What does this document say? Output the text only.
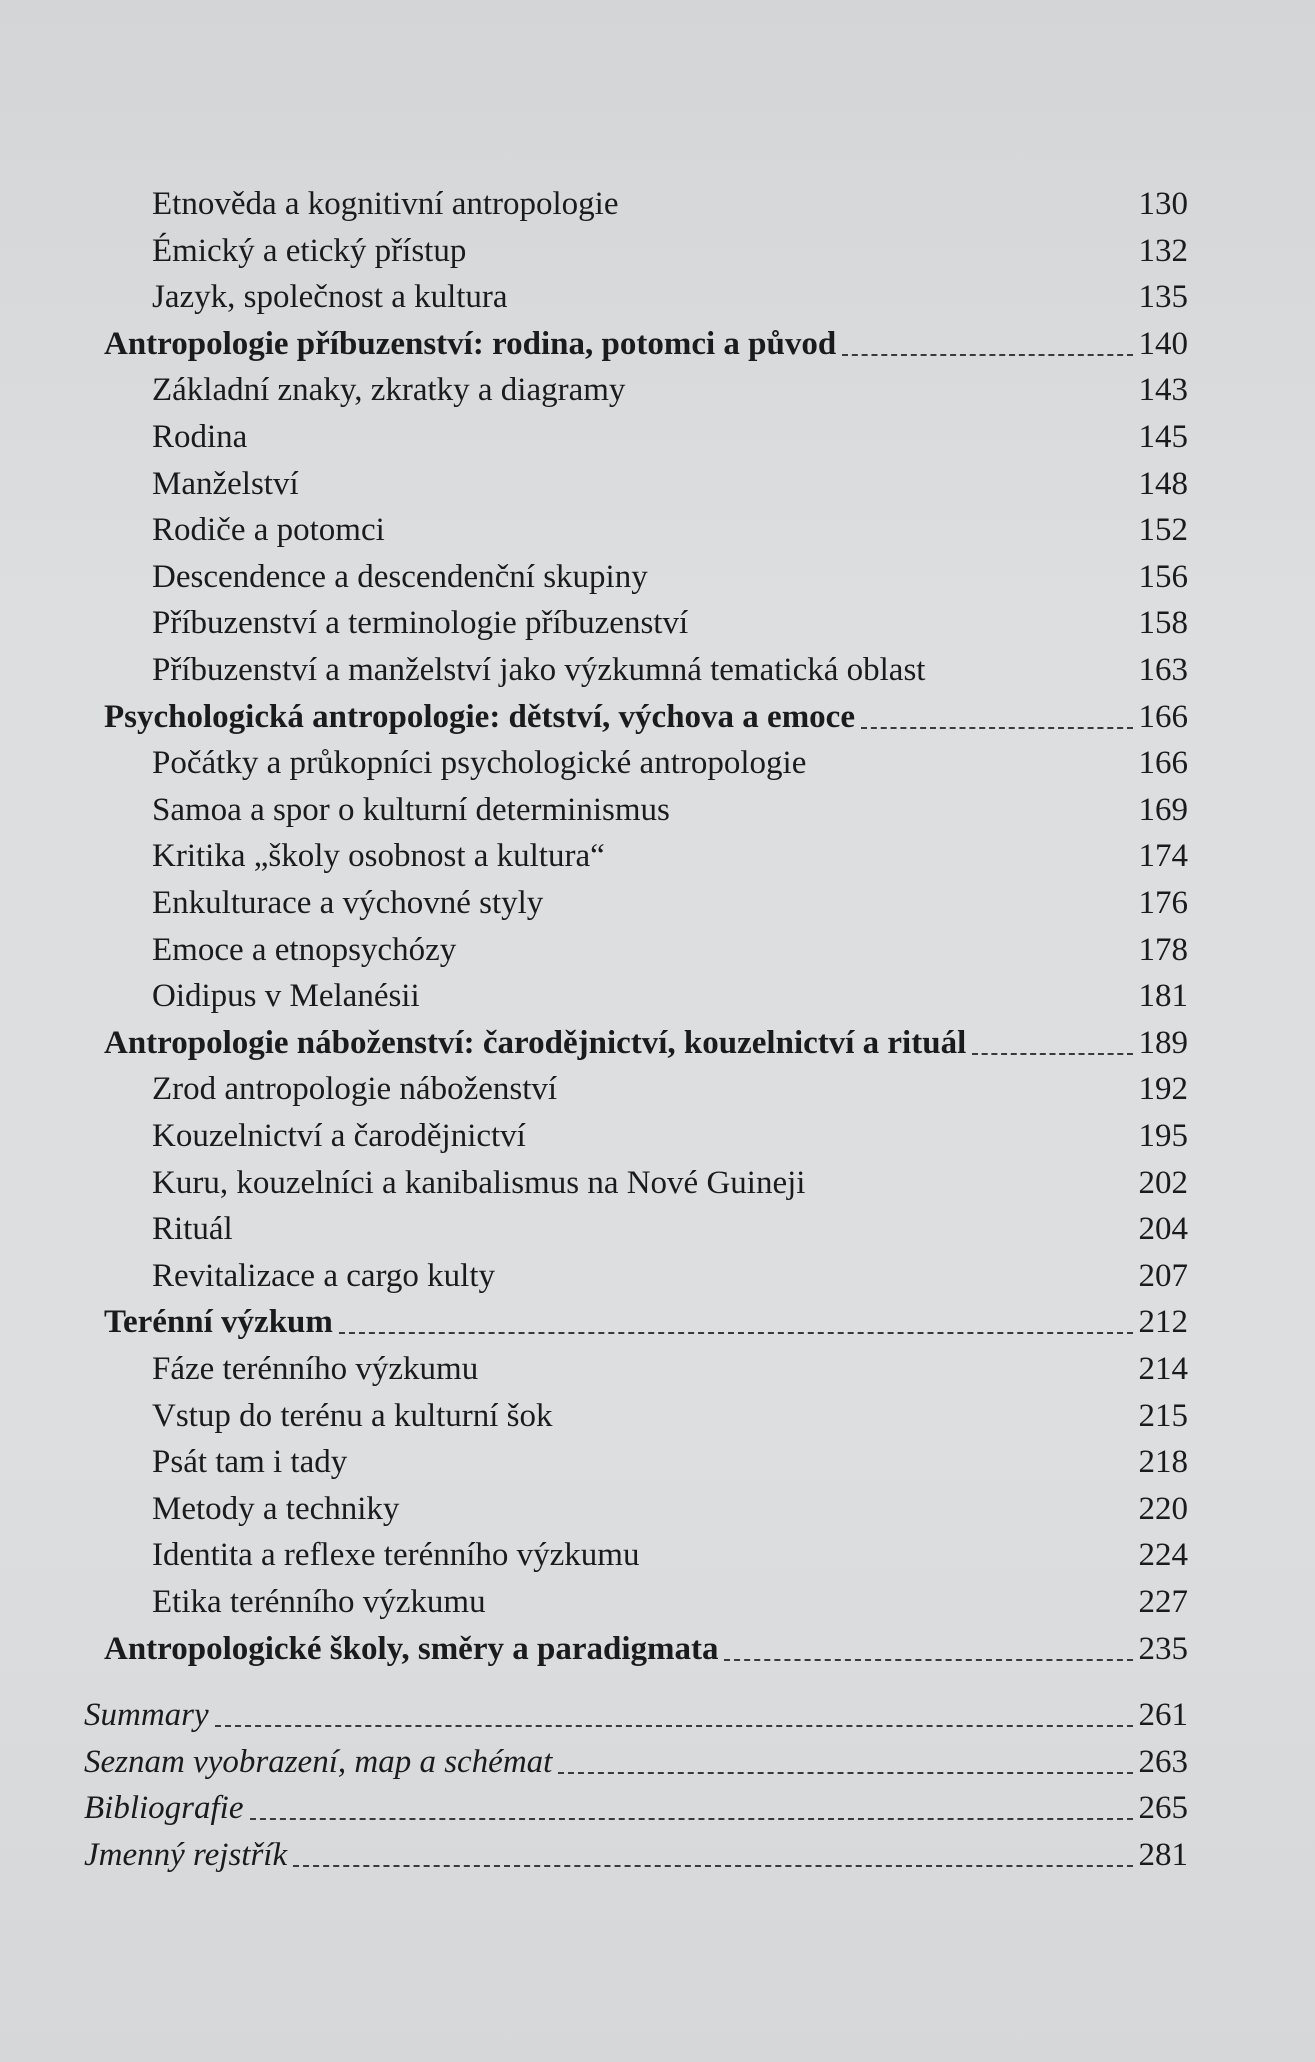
Etnověda a kognitivní antropologie	130
Émický a etický přístup	132
Jazyk, společnost a kultura	135
Antropologie příbuzenství: rodina, potomci a původ	140
Základní znaky, zkratky a diagramy	143
Rodina	145
Manželství	148
Rodiče a potomci	152
Descendence a descendenční skupiny	156
Příbuzenství a terminologie příbuzenství	158
Příbuzenství a manželství jako výzkumná tematická oblast	163
Psychologická antropologie: dětství, výchova a emoce	166
Počátky a průkopníci psychologické antropologie	166
Samoa a spor o kulturní determinismus	169
Kritika „školy osobnost a kultura“	174
Enkulturace a výchovné styly	176
Emoce a etnopsychózy	178
Oidipus v Melanésii	181
Antropologie náboženství: čarodějnictví, kouzelnictví a rituál	189
Zrod antropologie náboženství	192
Kouzelnictví a čarodějnictví	195
Kuru, kouzelníci a kanibalismus na Nové Guineji	202
Rituál	204
Revitalizace a cargo kulty	207
Terénní výzkum	212
Fáze terénního výzkumu	214
Vstup do terénu a kulturní šok	215
Psát tam i tady	218
Metody a techniky	220
Identita a reflexe terénního výzkumu	224
Etika terénního výzkumu	227
Antropologické školy, směry a paradigmata	235
Summary	261
Seznam vyobrazení, map a schémat	263
Bibliografie	265
Jmenný rejstřík	281
